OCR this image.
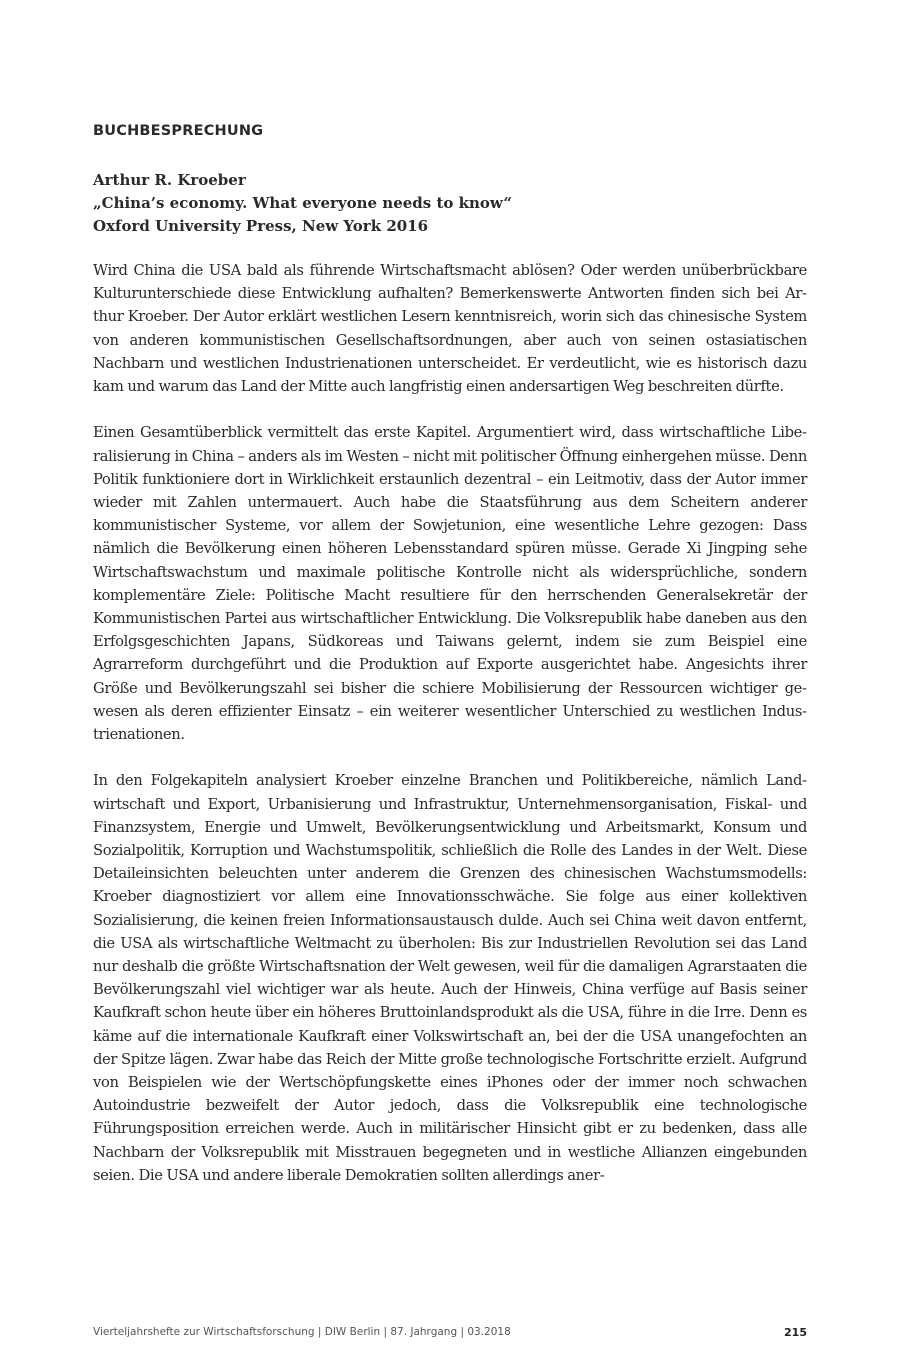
BUCHBESPRECHUNG
Arthur R. Kroeber
„China’s economy. What everyone needs to know“
Oxford University Press, New York 2016

Wird China die USA bald als führende Wirtschaftsmacht ablösen? Oder werden unüberbrückbare Kulturunterschiede diese Entwicklung aufhalten? Bemerkenswerte Antworten finden sich bei Arthur Kroeber. Der Autor erklärt westlichen Lesern kenntnisreich, worin sich das chinesische System von anderen kommunistischen Gesellschaftsordnungen, aber auch von seinen ostasiatischen Nachbarn und westlichen Industrienationen unterscheidet. Er verdeutlicht, wie es historisch dazu kam und warum das Land der Mitte auch langfristig einen andersartigen Weg beschreiten dürfte.

Einen Gesamtüberblick vermittelt das erste Kapitel. Argumentiert wird, dass wirtschaftliche Liberalisierung in China – anders als im Westen – nicht mit politischer Öffnung einhergehen müsse. Denn Politik funktioniere dort in Wirklichkeit erstaunlich dezentral – ein Leitmotiv, dass der Autor immer wieder mit Zahlen untermauert. Auch habe die Staatsführung aus dem Scheitern anderer kommunistischer Systeme, vor allem der Sowjetunion, eine wesentliche Lehre gezogen: Dass nämlich die Bevölkerung einen höheren Lebensstandard spüren müsse. Gerade Xi Jingping sehe Wirtschaftswachstum und maximale politische Kontrolle nicht als widersprüchliche, sondern komplementäre Ziele: Politische Macht resultiere für den herrschenden Generalsekretär der Kommunistischen Partei aus wirtschaftlicher Entwicklung. Die Volksrepublik habe daneben aus den Erfolgsgeschichten Japans, Südkoreas und Taiwans gelernt, indem sie zum Beispiel eine Agrarreform durchgeführt und die Produktion auf Exporte ausgerichtet habe. Angesichts ihrer Größe und Bevölkerungszahl sei bisher die schiere Mobilisierung der Ressourcen wichtiger gewesen als deren effizienter Einsatz – ein weiterer wesentlicher Unterschied zu westlichen Industrienationen.

In den Folgekapiteln analysiert Kroeber einzelne Branchen und Politikbereiche, nämlich Landwirtschaft und Export, Urbanisierung und Infrastruktur, Unternehmensorganisation, Fiskal- und Finanzsystem, Energie und Umwelt, Bevölkerungsentwicklung und Arbeitsmarkt, Konsum und Sozialpolitik, Korruption und Wachstumspolitik, schließlich die Rolle des Landes in der Welt. Diese Detaileinsichten beleuchten unter anderem die Grenzen des chinesischen Wachstumsmodells: Kroeber diagnostiziert vor allem eine Innovationsschwäche. Sie folge aus einer kollektiven Sozialisierung, die keinen freien Informationsaustausch dulde. Auch sei China weit davon entfernt, die USA als wirtschaftliche Weltmacht zu überholen: Bis zur Industriellen Revolution sei das Land nur deshalb die größte Wirtschaftsnation der Welt gewesen, weil für die damaligen Agrarstaaten die Bevölkerungszahl viel wichtiger war als heute. Auch der Hinweis, China verfüge auf Basis seiner Kaufkraft schon heute über ein höheres Bruttoinlandsprodukt als die USA, führe in die Irre. Denn es käme auf die internationale Kaufkraft einer Volkswirtschaft an, bei der die USA unangefochten an der Spitze lägen. Zwar habe das Reich der Mitte große technologische Fortschritte erzielt. Aufgrund von Beispielen wie der Wertschöpfungskette eines iPhones oder der immer noch schwachen Autoindustrie bezweifelt der Autor jedoch, dass die Volksrepublik eine technologische Führungsposition erreichen werde. Auch in militärischer Hinsicht gibt er zu bedenken, dass alle Nachbarn der Volksrepublik mit Misstrauen begegneten und in westliche Allianzen eingebunden seien. Die USA und andere liberale Demokratien sollten allerdings aner-

Vierteljahrshefte zur Wirtschaftsforschung | DIW Berlin | 87. Jahrgang | 03.2018	215
